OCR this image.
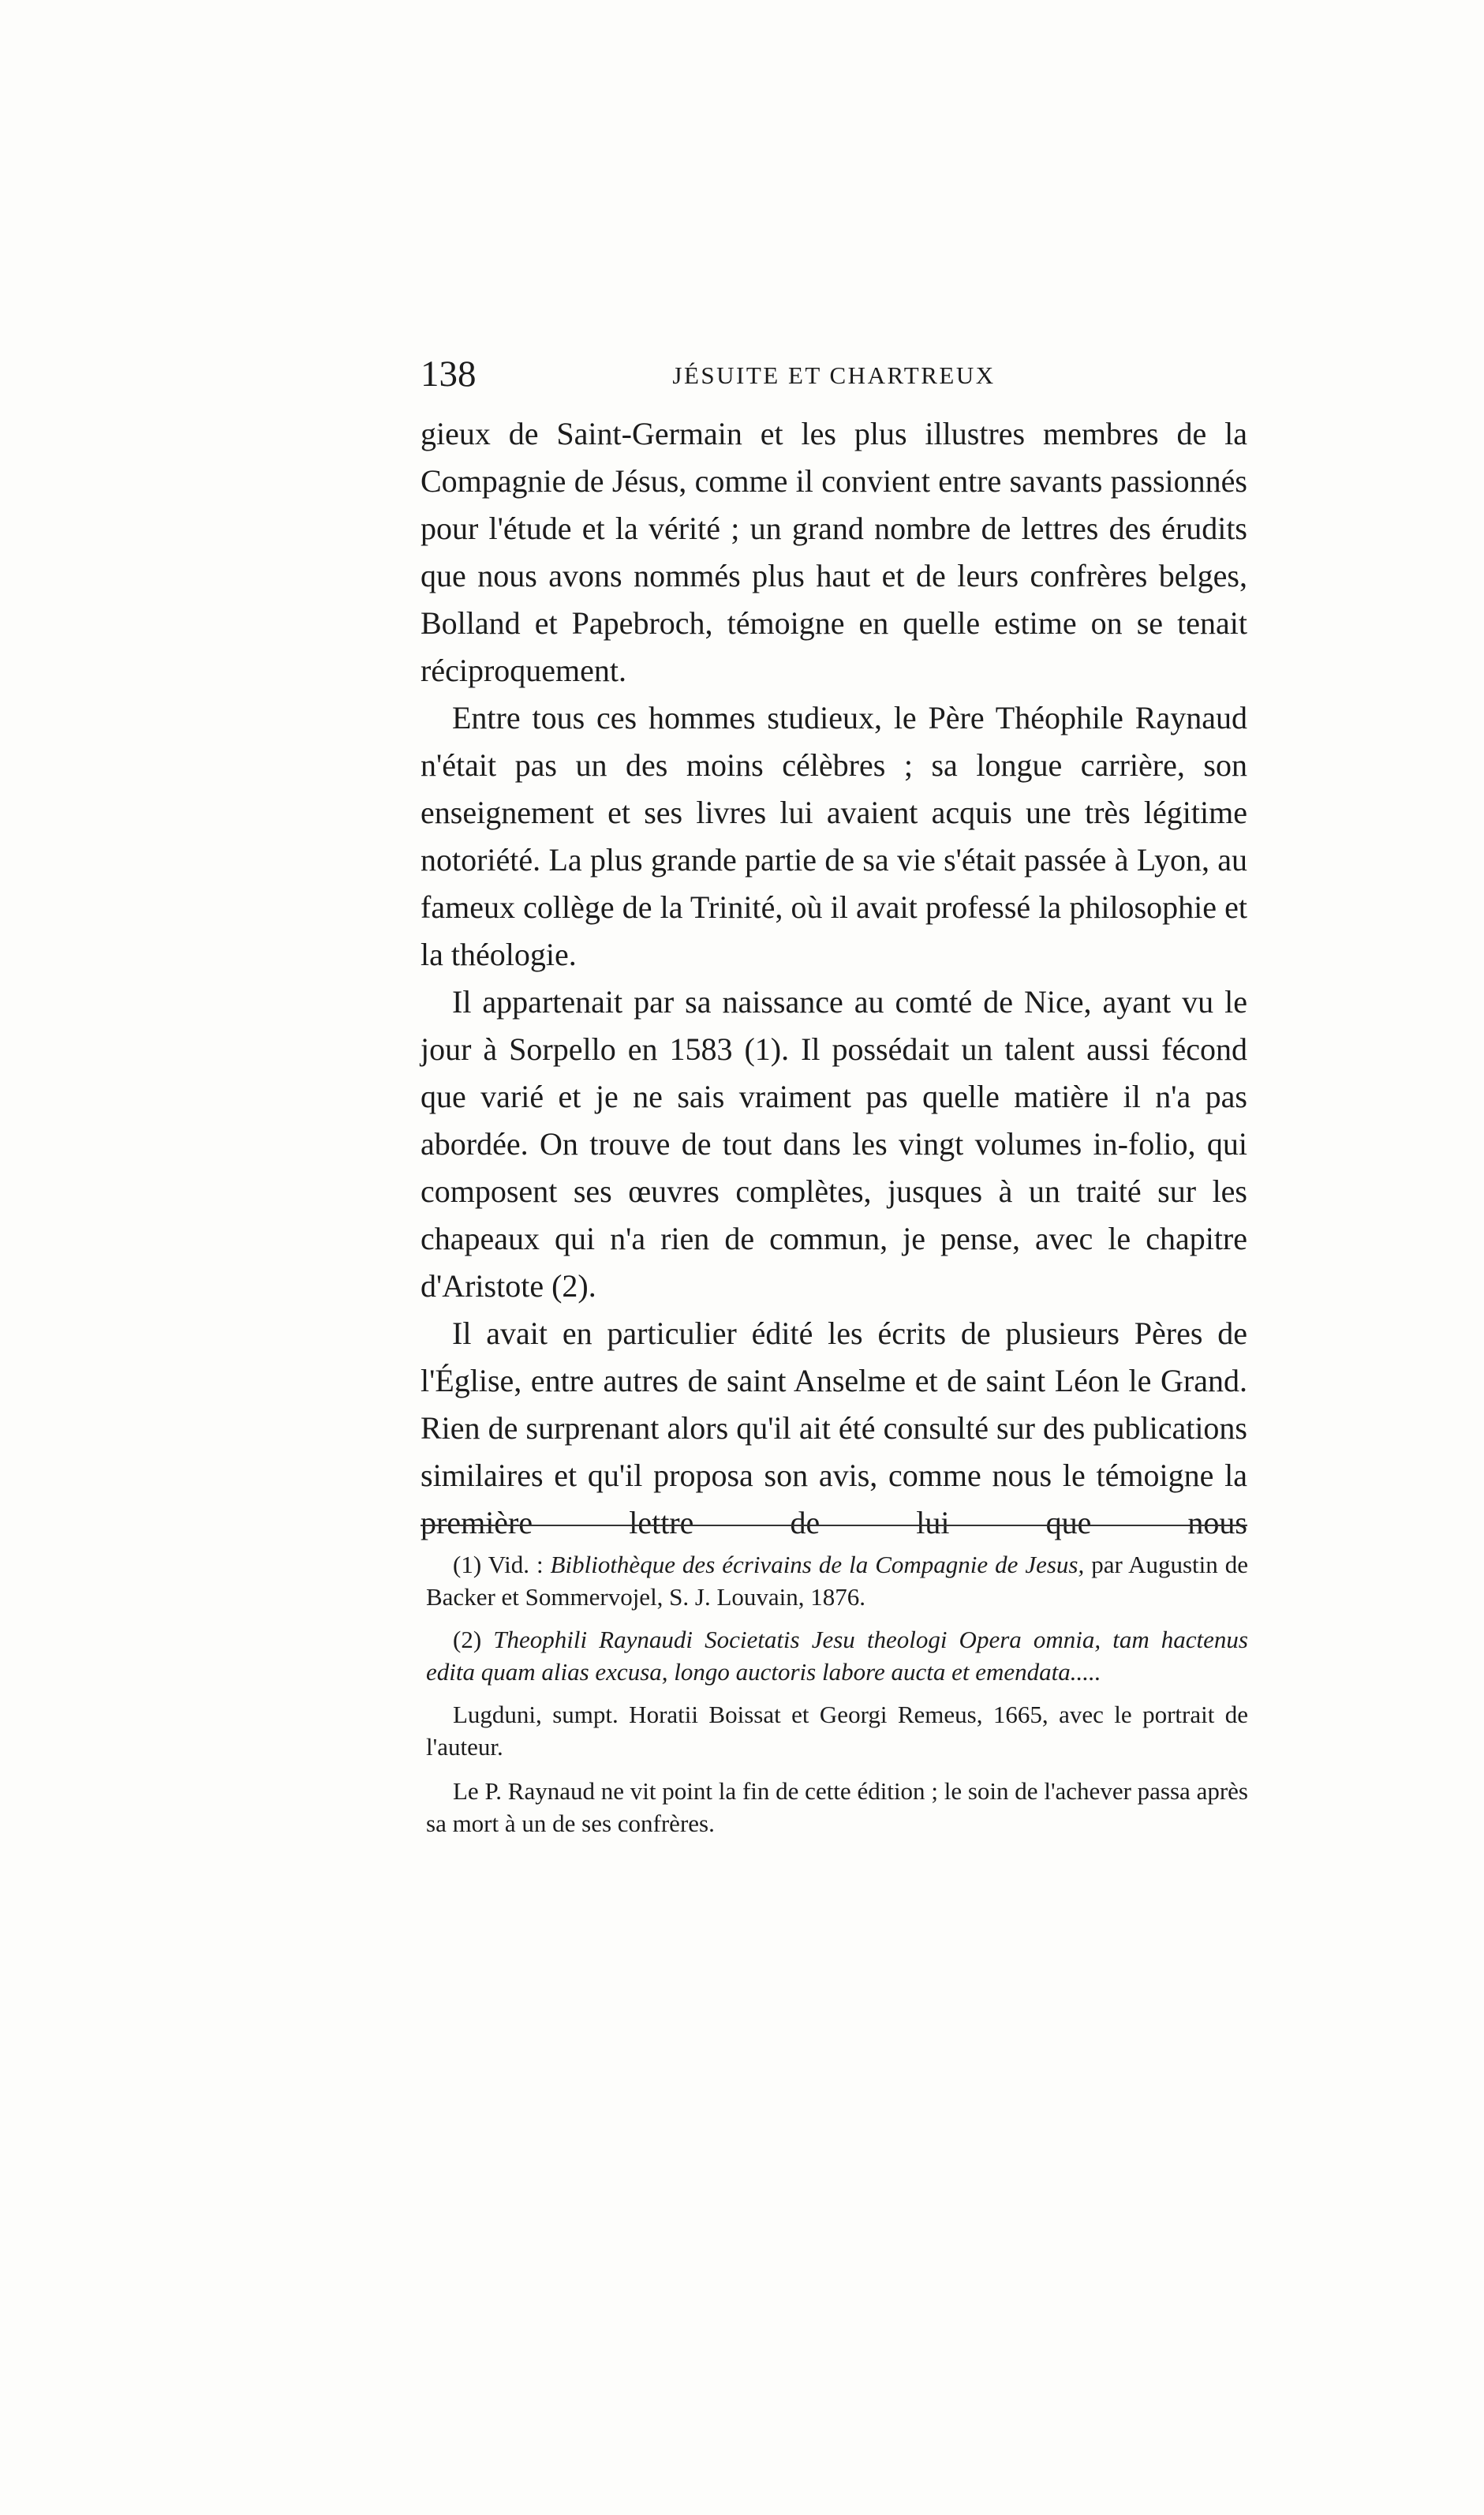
138	JÉSUITE ET CHARTREUX

gieux de Saint-Germain et les plus illustres membres de la Compagnie de Jésus, comme il convient entre savants passionnés pour l'étude et la vérité ; un grand nombre de lettres des érudits que nous avons nommés plus haut et de leurs confrères belges, Bolland et Papebroch, témoigne en quelle estime on se tenait réciproquement.

Entre tous ces hommes studieux, le Père Théophile Raynaud n'était pas un des moins célèbres ; sa longue carrière, son enseignement et ses livres lui avaient acquis une très légitime notoriété. La plus grande partie de sa vie s'était passée à Lyon, au fameux collège de la Trinité, où il avait professé la philosophie et la théologie.

Il appartenait par sa naissance au comté de Nice, ayant vu le jour à Sorpello en 1583 (1). Il possédait un talent aussi fécond que varié et je ne sais vraiment pas quelle matière il n'a pas abordée. On trouve de tout dans les vingt volumes in-folio, qui composent ses œuvres complètes, jusques à un traité sur les chapeaux qui n'a rien de commun, je pense, avec le chapitre d'Aristote (2).

Il avait en particulier édité les écrits de plusieurs Pères de l'Église, entre autres de saint Anselme et de saint Léon le Grand. Rien de surprenant alors qu'il ait été consulté sur des publications similaires et qu'il proposa son avis, comme nous le témoigne la première lettre de lui que nous

(1) Vid. : Bibliothèque des écrivains de la Compagnie de Jesus, par Augustin de Backer et Sommervojel, S. J. Louvain, 1876.

(2) Theophili Raynaudi Societatis Jesu theologi Opera omnia, tam hactenus edita quam alias excusa, longo auctoris labore aucta et emendata.....

Lugduni, sumpt. Horatii Boissat et Georgi Remeus, 1665, avec le portrait de l'auteur.

Le P. Raynaud ne vit point la fin de cette édition ; le soin de l'achever passa après sa mort à un de ses confrères.
